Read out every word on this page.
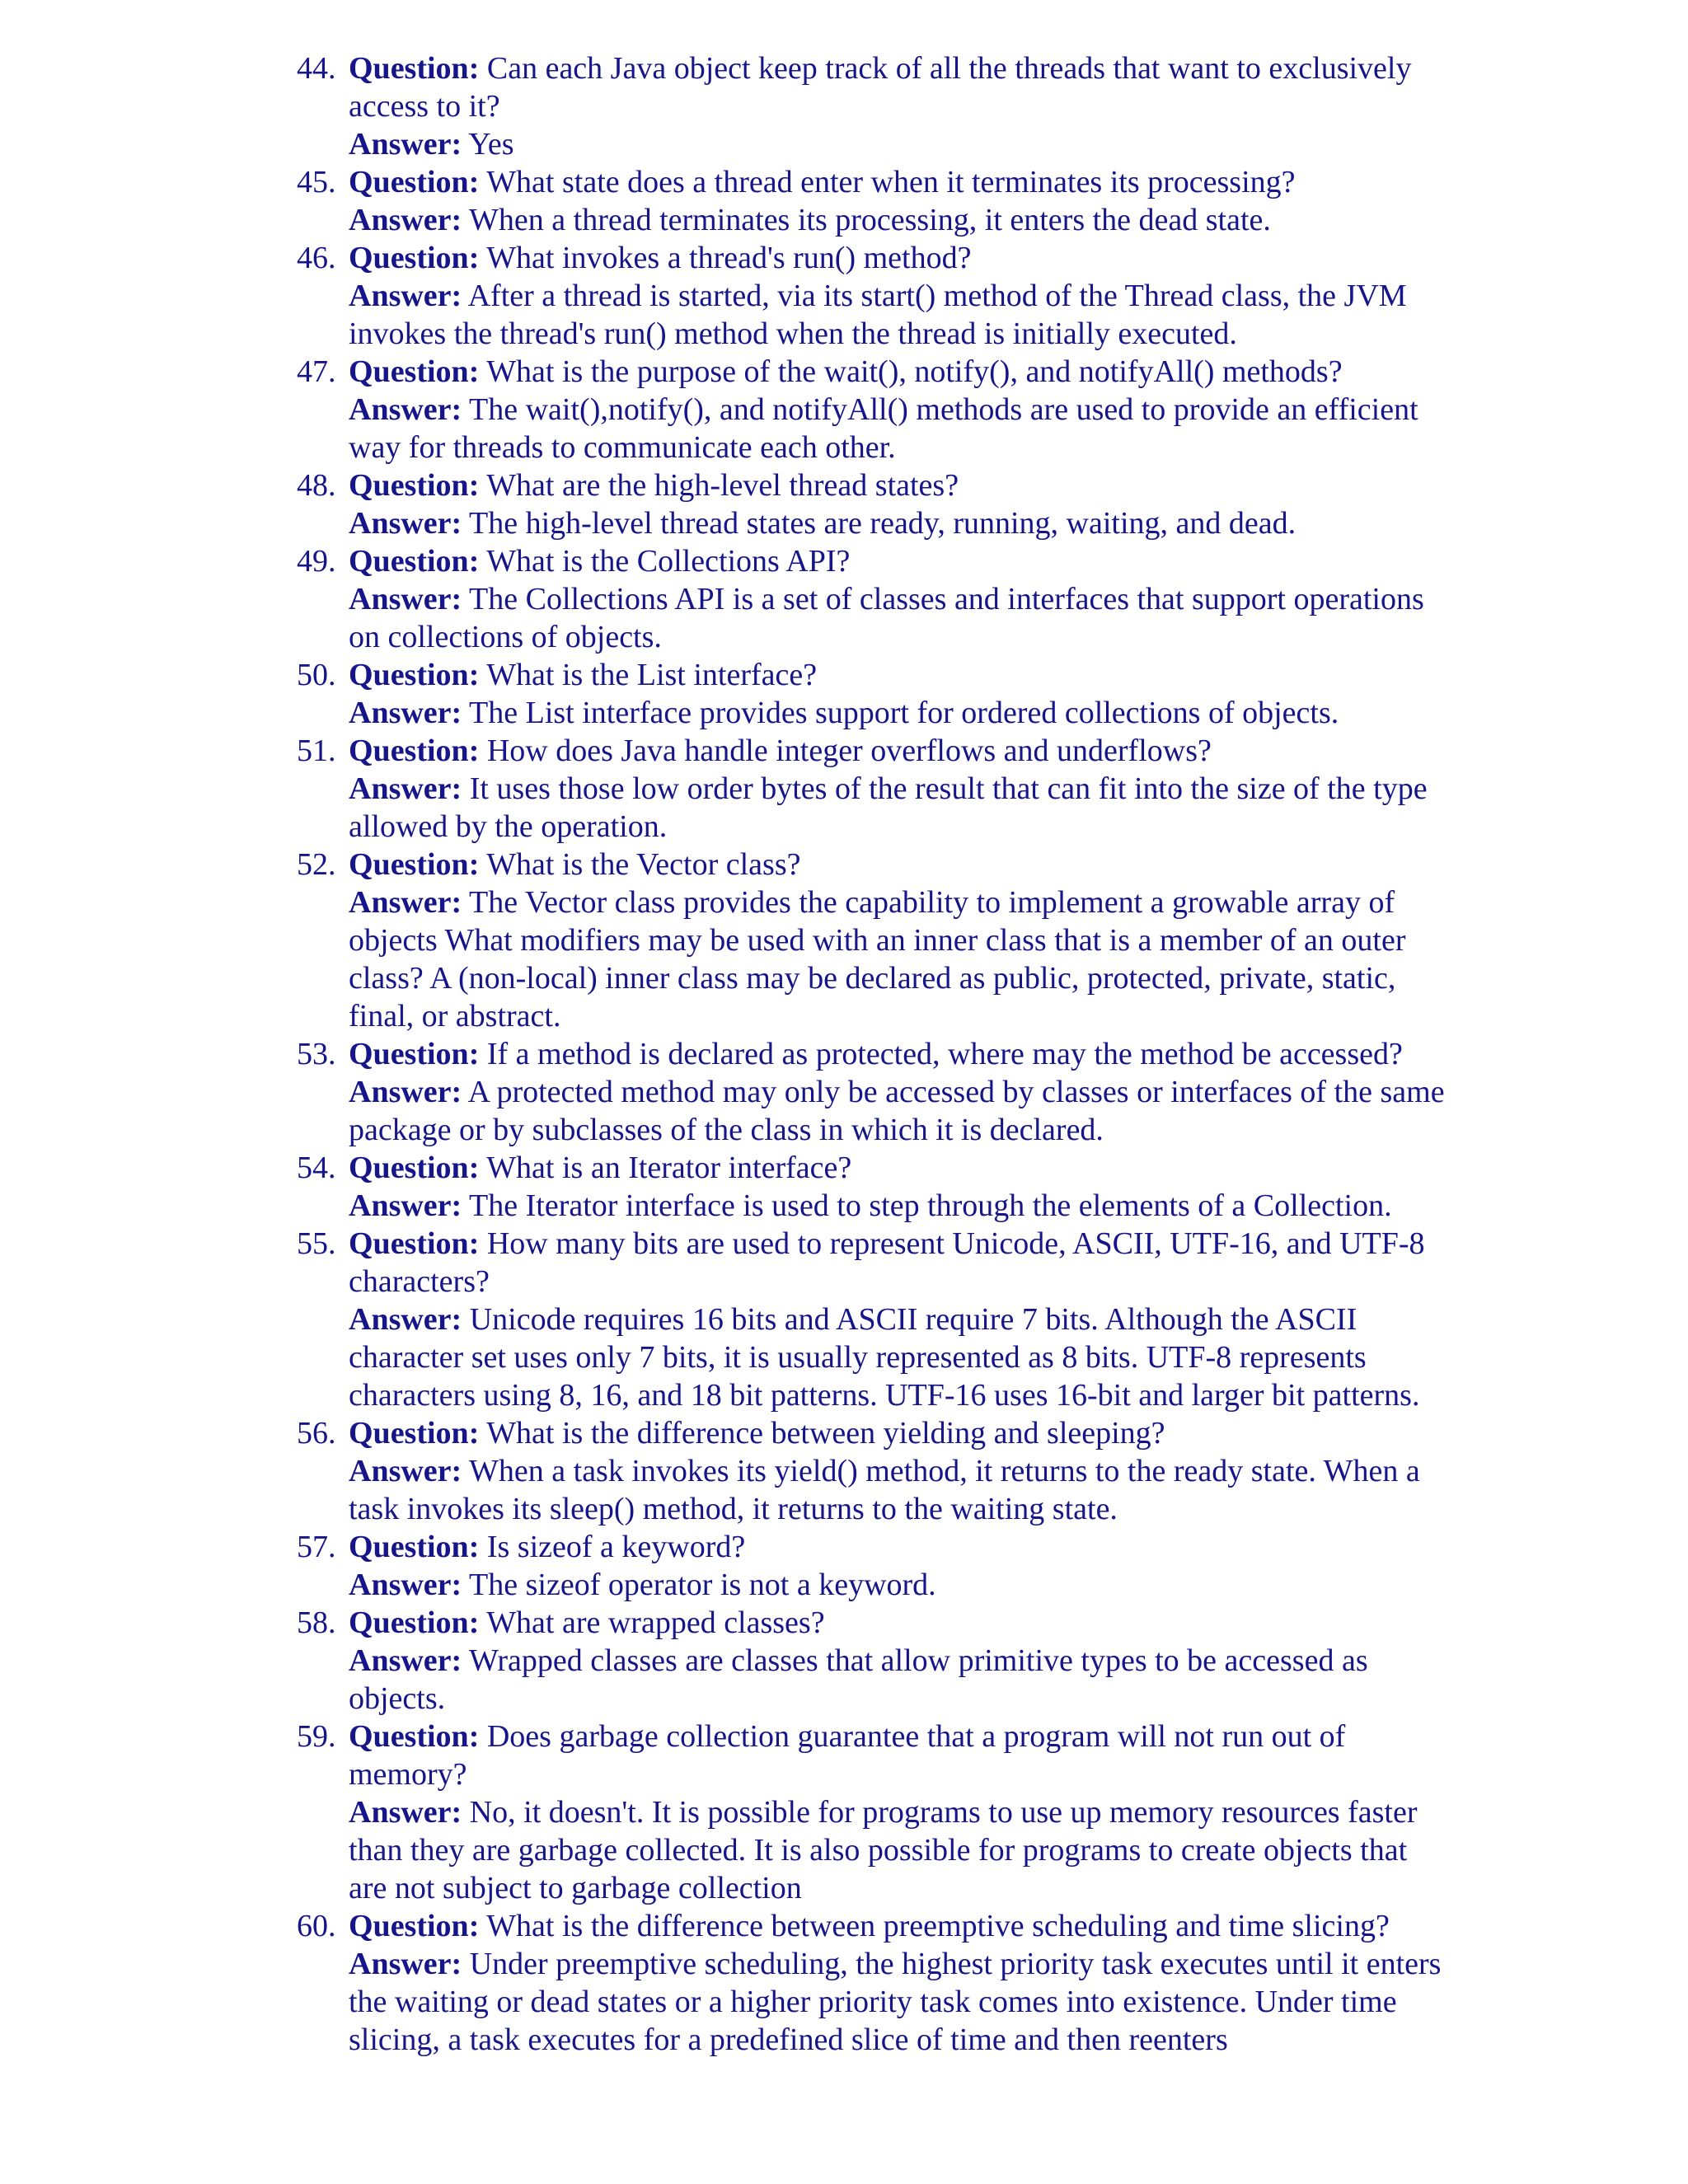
44. Question: Can each Java object keep track of all the threads that want to exclusively access to it?
Answer: Yes
45. Question: What state does a thread enter when it terminates its processing?
Answer: When a thread terminates its processing, it enters the dead state.
46. Question: What invokes a thread's run() method?
Answer: After a thread is started, via its start() method of the Thread class, the JVM invokes the thread's run() method when the thread is initially executed.
47. Question: What is the purpose of the wait(), notify(), and notifyAll() methods?
Answer: The wait(),notify(), and notifyAll() methods are used to provide an efficient way for threads to communicate each other.
48. Question: What are the high-level thread states?
Answer: The high-level thread states are ready, running, waiting, and dead.
49. Question: What is the Collections API?
Answer: The Collections API is a set of classes and interfaces that support operations on collections of objects.
50. Question: What is the List interface?
Answer: The List interface provides support for ordered collections of objects.
51. Question: How does Java handle integer overflows and underflows?
Answer: It uses those low order bytes of the result that can fit into the size of the type allowed by the operation.
52. Question: What is the Vector class?
Answer: The Vector class provides the capability to implement a growable array of objects What modifiers may be used with an inner class that is a member of an outer class? A (non-local) inner class may be declared as public, protected, private, static, final, or abstract.
53. Question: If a method is declared as protected, where may the method be accessed?
Answer: A protected method may only be accessed by classes or interfaces of the same package or by subclasses of the class in which it is declared.
54. Question: What is an Iterator interface?
Answer: The Iterator interface is used to step through the elements of a Collection.
55. Question: How many bits are used to represent Unicode, ASCII, UTF-16, and UTF-8 characters?
Answer: Unicode requires 16 bits and ASCII require 7 bits. Although the ASCII character set uses only 7 bits, it is usually represented as 8 bits. UTF-8 represents characters using 8, 16, and 18 bit patterns. UTF-16 uses 16-bit and larger bit patterns.
56. Question: What is the difference between yielding and sleeping?
Answer: When a task invokes its yield() method, it returns to the ready state. When a task invokes its sleep() method, it returns to the waiting state.
57. Question: Is sizeof a keyword?
Answer: The sizeof operator is not a keyword.
58. Question: What are wrapped classes?
Answer: Wrapped classes are classes that allow primitive types to be accessed as objects.
59. Question: Does garbage collection guarantee that a program will not run out of memory?
Answer: No, it doesn't. It is possible for programs to use up memory resources faster than they are garbage collected. It is also possible for programs to create objects that are not subject to garbage collection
60. Question: What is the difference between preemptive scheduling and time slicing?
Answer: Under preemptive scheduling, the highest priority task executes until it enters the waiting or dead states or a higher priority task comes into existence. Under time slicing, a task executes for a predefined slice of time and then reenters
